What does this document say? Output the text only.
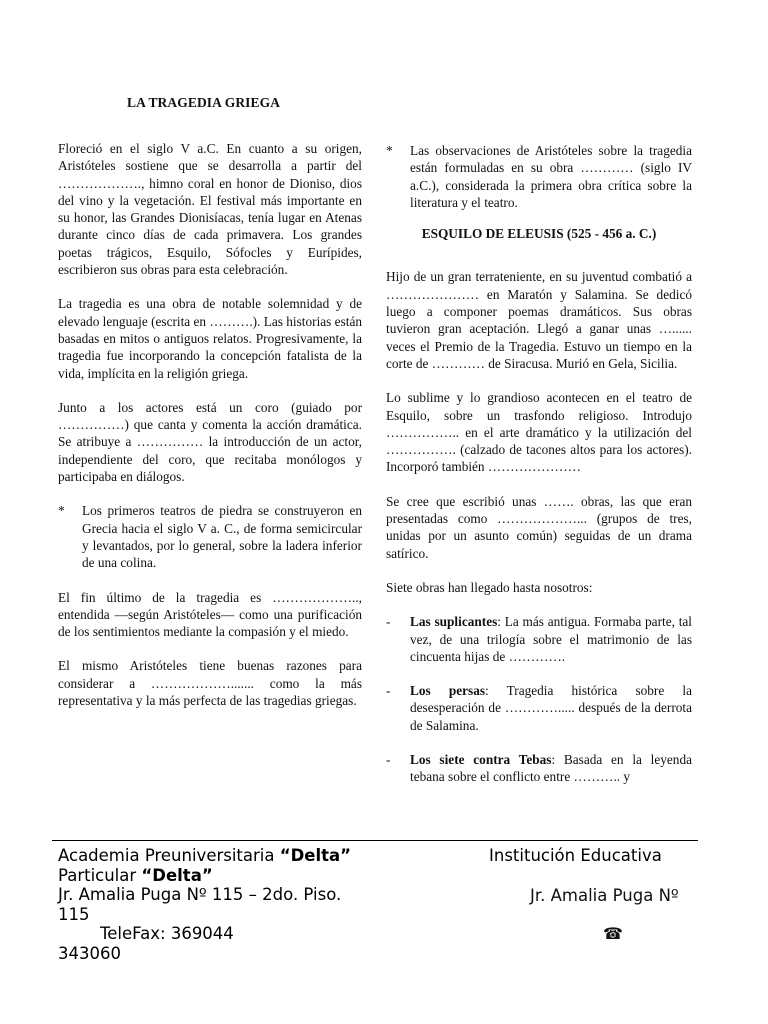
LA TRAGEDIA GRIEGA

Floreció en el siglo V a.C. En cuanto a su origen, Aristóteles sostiene que se desarrolla a partir del ………………., himno coral en honor de Dioniso, dios del vino y la vegetación. El festival más importante en su honor, las Grandes Dionisíacas, tenía lugar en Atenas durante cinco días de cada primavera. Los grandes poetas trágicos, Esquilo, Sófocles y Eurípides, escribieron sus obras para esta celebración.

La tragedia es una obra de notable solemnidad y de elevado lenguaje (escrita en ……….). Las historias están basadas en mitos o antiguos relatos. Progresivamente, la tragedia fue incorporando la concepción fatalista de la vida, implícita en la religión griega.

Junto a los actores está un coro (guiado por ……………) que canta y comenta la acción dramática. Se atribuye a …………… la introducción de un actor, independiente del coro, que recitaba monólogos y participaba en diálogos.

* Los primeros teatros de piedra se construyeron en Grecia hacia el siglo V a. C., de forma semicircular y levantados, por lo general, sobre la ladera inferior de una colina.

El fin último de la tragedia es ……………….., entendida —según Aristóteles— como una purificación de los sentimientos mediante la compasión y el miedo.

El mismo Aristóteles tiene buenas razones para considerar a ………………....... como la más representativa y la más perfecta de las tragedias griegas.

* Las observaciones de Aristóteles sobre la tragedia están formuladas en su obra ………… (siglo IV a.C.), considerada la primera obra crítica sobre la literatura y el teatro.

ESQUILO DE ELEUSIS (525 - 456 a. C.)

Hijo de un gran terrateniente, en su juventud combatió a ………………… en Maratón y Salamina. Se dedicó luego a componer poemas dramáticos. Sus obras tuvieron gran aceptación. Llegó a ganar unas …...... veces el Premio de la Tragedia. Estuvo un tiempo en la corte de ………… de Siracusa. Murió en Gela, Sicilia.

Lo sublime y lo grandioso acontecen en el teatro de Esquilo, sobre un trasfondo religioso. Introdujo …………….. en el arte dramático y la utilización del ……………. (calzado de tacones altos para los actores). Incorporó también …………………

Se cree que escribió unas ……. obras, las que eran presentadas como ………………... (grupos de tres, unidas por un asunto común) seguidas de un drama satírico.

Siete obras han llegado hasta nosotros:

- Las suplicantes: La más antigua. Formaba parte, tal vez, de una trilogía sobre el matrimonio de las cincuenta hijas de ………….

- Los persas: Tragedia histórica sobre la desesperación de …………..... después de la derrota de Salamina.

- Los siete contra Tebas: Basada en la leyenda tebana sobre el conflicto entre ……….. y

Academia Preuniversitaria “Delta”
Particular “Delta”
Jr. Amalia Puga Nº 115 – 2do. Piso.
115
TeleFax: 369044
343060
Institución Educativa
Jr. Amalia Puga Nº
☎
